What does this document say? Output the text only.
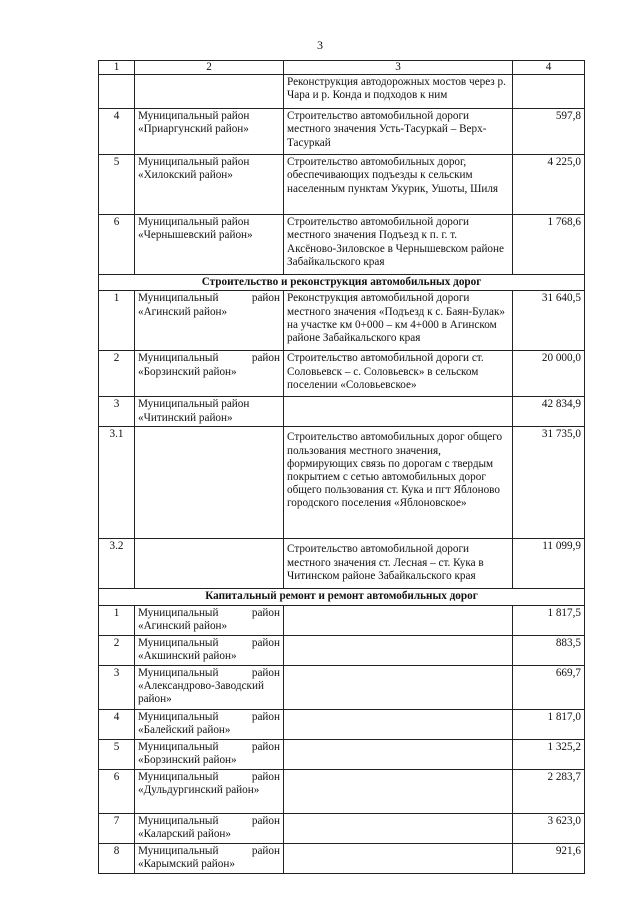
3
1	2	3	4
		Реконструкция автодорожных мостов через р. Чара и р. Конда и подходов к ним	
4	Муниципальный район «Приаргунский район»	Строительство автомобильной дороги местного значения Усть-Тасуркай – Верх-Тасуркай	597,8
5	Муниципальный район «Хилокский район»	Строительство автомобильных дорог, обеспечивающих подъезды к сельским населенным пунктам Укурик, Ушоты, Шиля	4 225,0
6	Муниципальный район «Чернышевский район»	Строительство автомобильной дороги местного значения Подъезд к п. г. т. Аксёново-Зиловское в Чернышевском районе Забайкальского края	1 768,6
Строительство и реконструкция автомобильных дорог			
1	Муниципальный район «Агинский район»	Реконструкция автомобильной дороги местного значения «Подъезд к с. Баян-Булак» на участке км 0+000 – км 4+000 в Агинском районе Забайкальского края	31 640,5
2	Муниципальный район «Борзинский район»	Строительство автомобильной дороги ст. Соловьевск – с. Соловьевск» в сельском поселении «Соловьевское»	20 000,0
3	Муниципальный район «Читинский район»		42 834,9
3.1		Строительство автомобильных дорог общего пользования местного значения, формирующих связь по дорогам с твердым покрытием с сетью автомобильных дорог общего пользования ст. Кука и пгт Яблоново городского поселения «Яблоновское»	31 735,0
3.2		Строительство автомобильной дороги местного значения ст. Лесная – ст. Кука в Читинском районе Забайкальского края	11 099,9
Капитальный ремонт и ремонт автомобильных дорог			
1	Муниципальный район «Агинский район»		1 817,5
2	Муниципальный район «Акшинский район»		883,5
3	Муниципальный район «Александрово-Заводский район»		669,7
4	Муниципальный район «Балейский район»		1 817,0
5	Муниципальный район «Борзинский район»		1 325,2
6	Муниципальный район «Дульдургинский район»		2 283,7
7	Муниципальный район «Каларский район»		3 623,0
8	Муниципальный район «Карымский район»		921,6
